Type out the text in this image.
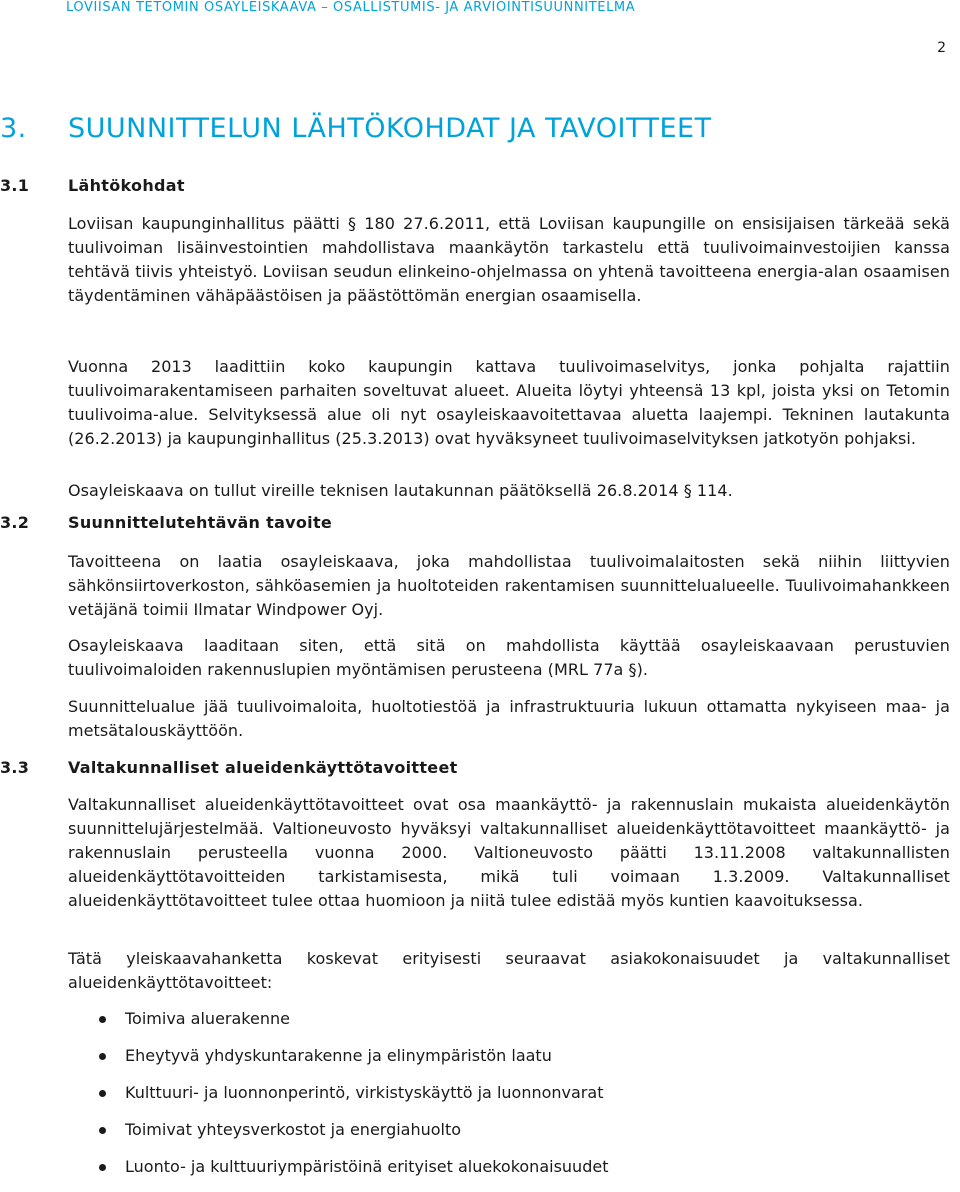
LOVIISAN TETOMIN OSAYLEISKAAVA – OSALLISTUMIS- JA ARVIOINTISUUNNITELMA
2
3. SUUNNITTELUN LÄHTÖKOHDAT JA TAVOITTEET
3.1 Lähtökohdat
Loviisan kaupunginhallitus päätti § 180 27.6.2011, että Loviisan kaupungille on ensisijaisen tärkeää sekä tuulivoiman lisäinvestointien mahdollistava maankäytön tarkastelu että tuulivoimainvestoijien kanssa tehtävä tiivis yhteistyö. Loviisan seudun elinkeino-ohjelmassa on yhtenä tavoitteena energia-alan osaamisen täydentäminen vähäpäästöisen ja päästöttömän energian osaamisella.
Vuonna 2013 laadittiin koko kaupungin kattava tuulivoimaselvitys, jonka pohjalta rajattiin tuulivoimarakentamiseen parhaiten soveltuvat alueet. Alueita löytyi yhteensä 13 kpl, joista yksi on Tetomin tuulivoima-alue. Selvityksessä alue oli nyt osayleiskaavoitettavaa aluetta laajempi. Tekninen lautakunta (26.2.2013) ja kaupunginhallitus (25.3.2013) ovat hyväksyneet tuulivoimaselvityksen jatkotyön pohjaksi.
Osayleiskaava on tullut vireille teknisen lautakunnan päätöksellä 26.8.2014 § 114.
3.2 Suunnittelutehtävän tavoite
Tavoitteena on laatia osayleiskaava, joka mahdollistaa tuulivoimalaitosten sekä niihin liittyvien sähkönsiirtoverkoston, sähköasemien ja huoltoteiden rakentamisen suunnittelualueelle. Tuulivoimahankkeen vetäjänä toimii Ilmatar Windpower Oyj.
Osayleiskaava laaditaan siten, että sitä on mahdollista käyttää osayleiskaavaan perustuvien tuulivoimaloiden rakennuslupien myöntämisen perusteena (MRL 77a §).
Suunnittelualue jää tuulivoimaloita, huoltotiestöä ja infrastruktuuria lukuun ottamatta nykyiseen maa- ja metsätalouskäyttöön.
3.3 Valtakunnalliset alueidenkäyttötavoitteet
Valtakunnalliset alueidenkäyttötavoitteet ovat osa maankäyttö- ja rakennuslain mukaista alueidenkäytön suunnittelujärjestelmää. Valtioneuvosto hyväksyi valtakunnalliset alueidenkäyttötavoitteet maankäyttö- ja rakennuslain perusteella vuonna 2000. Valtioneuvosto päätti 13.11.2008 valtakunnallisten alueidenkäyttötavoitteiden tarkistamisesta, mikä tuli voimaan 1.3.2009. Valtakunnalliset alueidenkäyttötavoitteet tulee ottaa huomioon ja niitä tulee edistää myös kuntien kaavoituksessa.
Tätä yleiskaavahanketta koskevat erityisesti seuraavat asiakokonaisuudet ja valtakunnalliset alueidenkäyttötavoitteet:
Toimiva aluerakenne
Eheytyvä yhdyskuntarakenne ja elinympäristön laatu
Kulttuuri- ja luonnonperintö, virkistyskäyttö ja luonnonvarat
Toimivat yhteysverkostot ja energiahuolto
Luonto- ja kulttuuriympäristöinä erityiset aluekokonaisuudet
